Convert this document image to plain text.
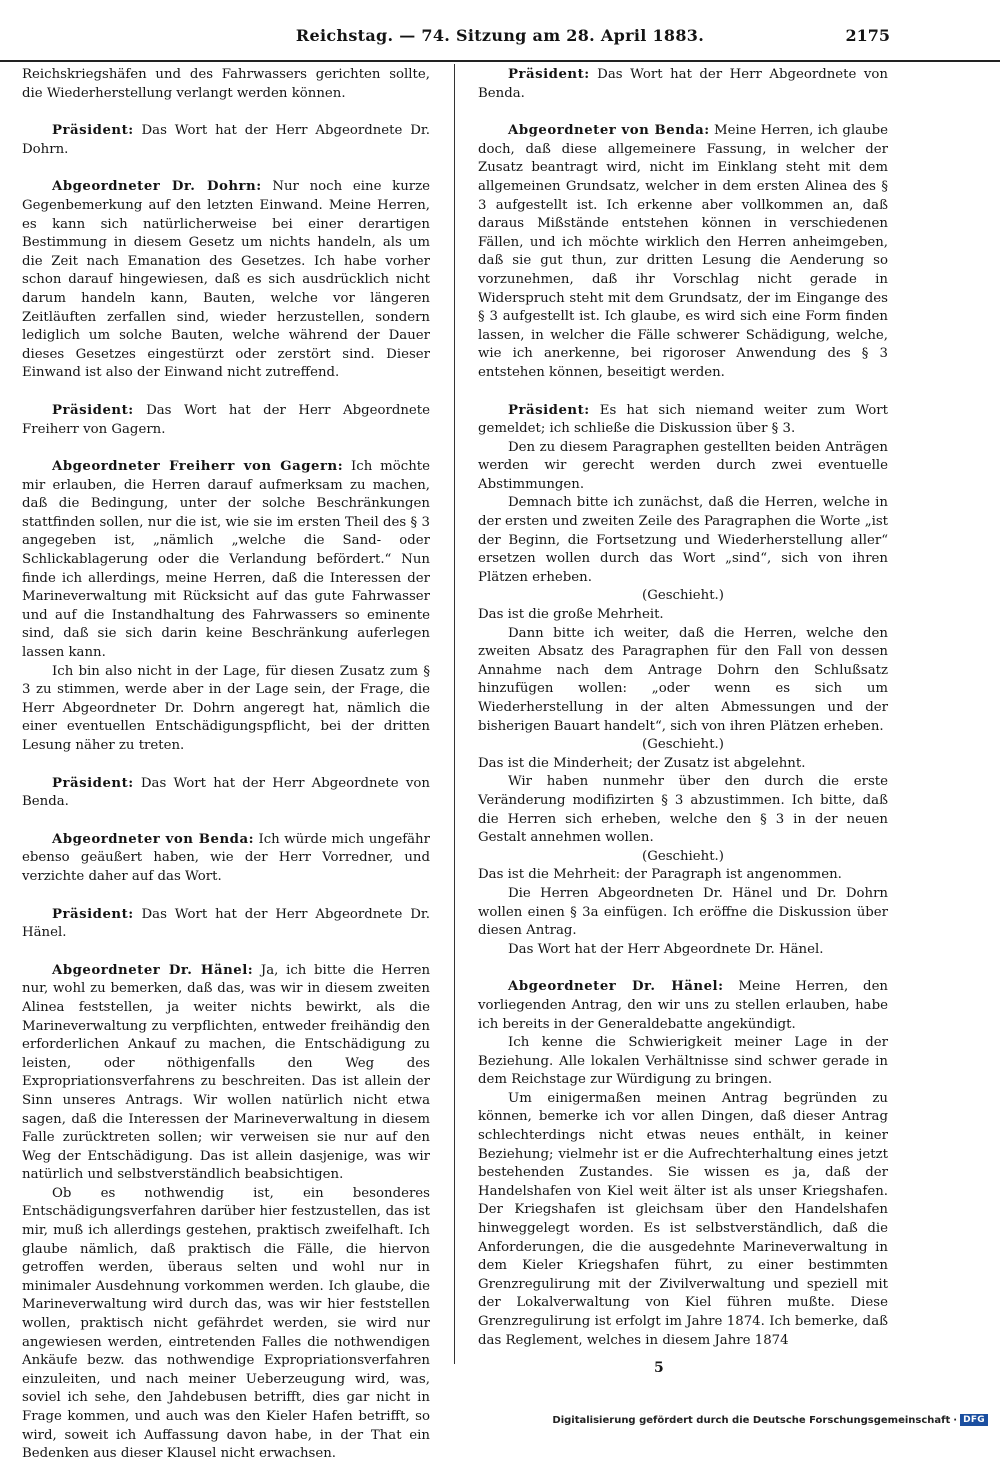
Reichstag. — 74. Sitzung am 28. April 1883.	2175

Reichskriegshäfen und des Fahrwassers gerichten sollte, die Wiederherstellung verlangt werden können.

Präsident: Das Wort hat der Herr Abgeordnete Dr. Dohrn.

Abgeordneter Dr. Dohrn: Nur noch eine kurze Gegenbemerkung auf den letzten Einwand. Meine Herren, es kann sich natürlicherweise bei einer derartigen Bestimmung in diesem Gesetz um nichts handeln, als um die Zeit nach Emanation des Gesetzes. Ich habe vorher schon darauf hingewiesen, daß es sich ausdrücklich nicht darum handeln kann, Bauten, welche vor längeren Zeitläuften zerfallen sind, wieder herzustellen, sondern lediglich um solche Bauten, welche während der Dauer dieses Gesetzes eingestürzt oder zerstört sind. Dieser Einwand ist also der Einwand nicht zutreffend.

Präsident: Das Wort hat der Herr Abgeordnete Freiherr von Gagern.

Abgeordneter Freiherr von Gagern: Ich möchte mir erlauben, die Herren darauf aufmerksam zu machen, daß die Bedingung, unter der solche Beschränkungen stattfinden sollen, nur die ist, wie sie im ersten Theil des § 3 angegeben ist, „nämlich „welche die Sand- oder Schlickablagerung oder die Verlandung befördert.“ Nun finde ich allerdings, meine Herren, daß die Interessen der Marineverwaltung mit Rücksicht auf das gute Fahrwasser und auf die Instandhaltung des Fahrwassers so eminente sind, daß sie sich darin keine Beschränkung auferlegen lassen kann.

Ich bin also nicht in der Lage, für diesen Zusatz zum § 3 zu stimmen, werde aber in der Lage sein, der Frage, die Herr Abgeordneter Dr. Dohrn angeregt hat, nämlich die einer eventuellen Entschädigungspflicht, bei der dritten Lesung näher zu treten.

Präsident: Das Wort hat der Herr Abgeordnete von Benda.

Abgeordneter von Benda: Ich würde mich ungefähr ebenso geäußert haben, wie der Herr Vorredner, und verzichte daher auf das Wort.

Präsident: Das Wort hat der Herr Abgeordnete Dr. Hänel.

Abgeordneter Dr. Hänel: Ja, ich bitte die Herren nur, wohl zu bemerken, daß das, was wir in diesem zweiten Alinea feststellen, ja weiter nichts bewirkt, als die Marineverwaltung zu verpflichten, entweder freihändig den erforderlichen Ankauf zu machen, die Entschädigung zu leisten, oder nöthigenfalls den Weg des Expropriationsverfahrens zu beschreiten. Das ist allein der Sinn unseres Antrags. Wir wollen natürlich nicht etwa sagen, daß die Interessen der Marineverwaltung in diesem Falle zurücktreten sollen; wir verweisen sie nur auf den Weg der Entschädigung. Das ist allein dasjenige, was wir natürlich und selbstverständlich beabsichtigen.

Ob es nothwendig ist, ein besonderes Entschädigungsverfahren darüber hier festzustellen, das ist mir, muß ich allerdings gestehen, praktisch zweifelhaft. Ich glaube nämlich, daß praktisch die Fälle, die hiervon getroffen werden, überaus selten und wohl nur in minimaler Ausdehnung vorkommen werden. Ich glaube, die Marineverwaltung wird durch das, was wir hier feststellen wollen, praktisch nicht gefährdet werden, sie wird nur angewiesen werden, eintretenden Falles die nothwendigen Ankäufe bezw. das nothwendige Expropriationsverfahren einzuleiten, und nach meiner Ueberzeugung wird, was, soviel ich sehe, den Jahdebusen betrifft, dies gar nicht in Frage kommen, und auch was den Kieler Hafen betrifft, so wird, soweit ich Auffassung davon habe, in der That ein Bedenken aus dieser Klausel nicht erwachsen.

Präsident: Das Wort hat der Herr Abgeordnete von Benda.

Abgeordneter von Benda: Meine Herren, ich glaube doch, daß diese allgemeinere Fassung, in welcher der Zusatz beantragt wird, nicht im Einklang steht mit dem allgemeinen Grundsatz, welcher in dem ersten Alinea des § 3 aufgestellt ist. Ich erkenne aber vollkommen an, daß daraus Mißstände entstehen können in verschiedenen Fällen, und ich möchte wirklich den Herren anheimgeben, daß sie gut thun, zur dritten Lesung die Aenderung so vorzunehmen, daß ihr Vorschlag nicht gerade in Widerspruch steht mit dem Grundsatz, der im Eingange des § 3 aufgestellt ist. Ich glaube, es wird sich eine Form finden lassen, in welcher die Fälle schwerer Schädigung, welche, wie ich anerkenne, bei rigoroser Anwendung des § 3 entstehen können, beseitigt werden.

Präsident: Es hat sich niemand weiter zum Wort gemeldet; ich schließe die Diskussion über § 3.

Den zu diesem Paragraphen gestellten beiden Anträgen werden wir gerecht werden durch zwei eventuelle Abstimmungen.

Demnach bitte ich zunächst, daß die Herren, welche in der ersten und zweiten Zeile des Paragraphen die Worte „ist der Beginn, die Fortsetzung und Wiederherstellung aller“ ersetzen wollen durch das Wort „sind“, sich von ihren Plätzen erheben.

(Geschieht.)

Das ist die große Mehrheit.

Dann bitte ich weiter, daß die Herren, welche den zweiten Absatz des Paragraphen für den Fall von dessen Annahme nach dem Antrage Dohrn den Schlußsatz hinzufügen wollen: „oder wenn es sich um Wiederherstellung in der alten Abmessungen und der bisherigen Bauart handelt“, sich von ihren Plätzen erheben.

(Geschieht.)

Das ist die Minderheit; der Zusatz ist abgelehnt.

Wir haben nunmehr über den durch die erste Veränderung modifizirten § 3 abzustimmen. Ich bitte, daß die Herren sich erheben, welche den § 3 in der neuen Gestalt annehmen wollen.

(Geschieht.)

Das ist die Mehrheit: der Paragraph ist angenommen.

Die Herren Abgeordneten Dr. Hänel und Dr. Dohrn wollen einen § 3a einfügen. Ich eröffne die Diskussion über diesen Antrag.

Das Wort hat der Herr Abgeordnete Dr. Hänel.

Abgeordneter Dr. Hänel: Meine Herren, den vorliegenden Antrag, den wir uns zu stellen erlauben, habe ich bereits in der Generaldebatte angekündigt.

Ich kenne die Schwierigkeit meiner Lage in der Beziehung. Alle lokalen Verhältnisse sind schwer gerade in dem Reichstage zur Würdigung zu bringen.

Um einigermaßen meinen Antrag begründen zu können, bemerke ich vor allen Dingen, daß dieser Antrag schlechterdings nicht etwas neues enthält, in keiner Beziehung; vielmehr ist er die Aufrechterhaltung eines jetzt bestehenden Zustandes. Sie wissen es ja, daß der Handelshafen von Kiel weit älter ist als unser Kriegshafen. Der Kriegshafen ist gleichsam über den Handelshafen hinweggelegt worden. Es ist selbstverständlich, daß die Anforderungen, die die ausgedehnte Marineverwaltung in dem Kieler Kriegshafen führt, zu einer bestimmten Grenzregulirung mit der Zivilverwaltung und speziell mit der Lokalverwaltung von Kiel führen mußte. Diese Grenzregulirung ist erfolgt im Jahre 1874. Ich bemerke, daß das Reglement, welches in diesem Jahre 1874

5
Digitalisierung gefördert durch die Deutsche Forschungsgemeinschaft · DFG
